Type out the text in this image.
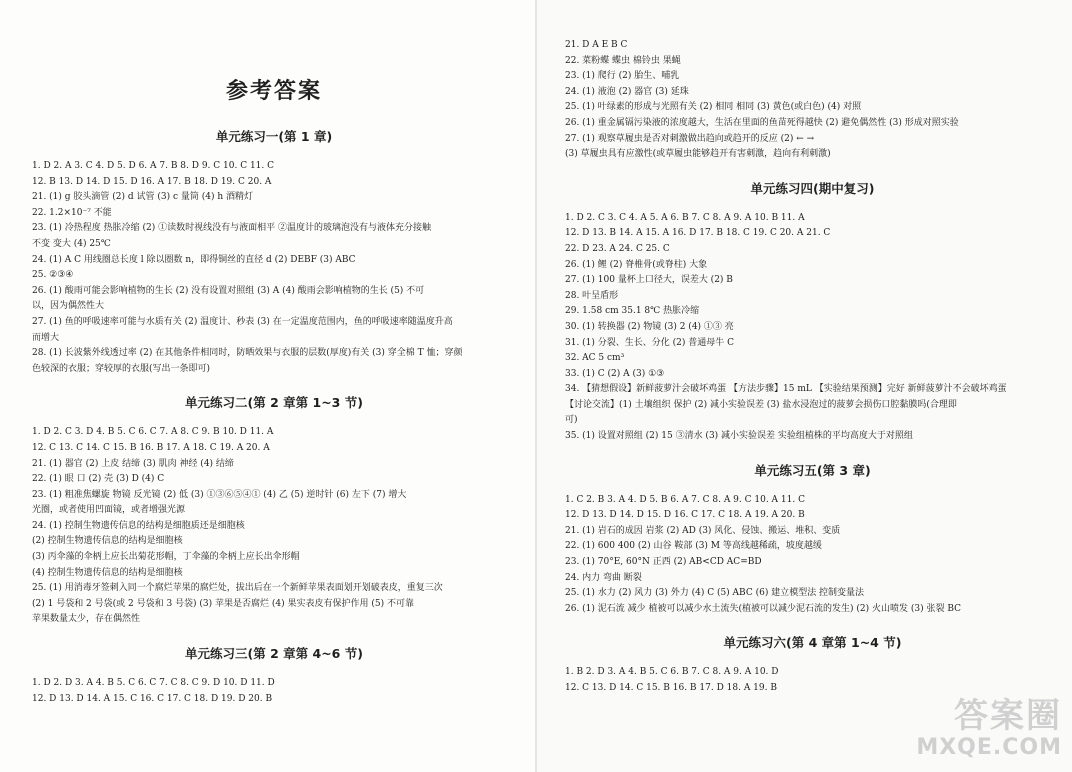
参考答案
单元练习一(第 1 章)
1. D 2. A 3. C 4. D 5. D 6. A 7. B 8. D 9. C 10. C 11. C
12. B 13. D 14. D 15. D 16. A 17. B 18. D 19. C 20. A
21. (1) g 胶头滴管 (2) d 试管 (3) c 量筒 (4) h 酒精灯
22. 1.2×10⁻⁷ 不能
23. (1) 冷热程度 热胀冷缩 (2) ①读数时视线没有与液面相平 ②温度计的玻璃泡没有与液体充分接触
不变 变大 (4) 25℃
24. (1) A C 用线圈总长度 l 除以圈数 n，即得铜丝的直径 d (2) DEBF (3) ABC
25. ②③④
26. (1) 酸雨可能会影响植物的生长 (2) 没有设置对照组 (3) A (4) 酸雨会影响植物的生长 (5) 不可
以，因为偶然性大
27. (1) 鱼的呼吸速率可能与水质有关 (2) 温度计、秒表 (3) 在一定温度范围内，鱼的呼吸速率随温度升高
而增大
28. (1) 长波紫外线透过率 (2) 在其他条件相同时，防晒效果与衣服的层数(厚度)有关 (3) 穿全棉 T 恤；穿颜
色较深的衣服；穿较厚的衣服(写出一条即可)
单元练习二(第 2 章第 1~3 节)
1. D 2. C 3. D 4. B 5. C 6. C 7. A 8. C 9. B 10. D 11. A
12. C 13. C 14. C 15. B 16. B 17. A 18. C 19. A 20. A
21. (1) 器官 (2) 上皮 结缔 (3) 肌肉 神经 (4) 结缔
22. (1) 眼 口 (2) 壳 (3) D (4) C
23. (1) 粗准焦螺旋 物镜 反光镜 (2) 低 (3) ①③⑥⑤④① (4) 乙 (5) 逆时针 (6) 左下 (7) 增大
光圈，或者使用凹面镜，或者增强光源
24. (1) 控制生物遗传信息的结构是细胞质还是细胞核
(2) 控制生物遗传信息的结构是细胞核
(3) 丙伞藻的伞柄上应长出菊花形帽，丁伞藻的伞柄上应长出伞形帽
(4) 控制生物遗传信息的结构是细胞核
25. (1) 用消毒牙签刺入同一个腐烂苹果的腐烂处，拔出后在一个新鲜苹果表面划开划破表皮，重复三次
(2) 1 号袋和 2 号袋(或 2 号袋和 3 号袋) (3) 苹果是否腐烂 (4) 果实表皮有保护作用 (5) 不可靠
苹果数量太少，存在偶然性
单元练习三(第 2 章第 4~6 节)
1. D 2. D 3. A 4. B 5. C 6. C 7. C 8. C 9. D 10. D 11. D
12. D 13. D 14. A 15. C 16. C 17. C 18. D 19. D 20. B
21. D A E B C
22. 菜粉蝶 蝶虫 棉铃虫 果蝇
23. (1) 爬行 (2) 胎生、哺乳
24. (1) 液泡 (2) 器官 (3) 延珠
25. (1) 叶绿素的形成与光照有关 (2) 相同 相同 (3) 黄色(或白色) (4) 对照
26. (1) 重金属镉污染液的浓度越大，生活在里面的鱼苗死得越快 (2) 避免偶然性 (3) 形成对照实验
27. (1) 观察草履虫是否对刺激做出趋向或趋开的反应 (2) ← →
(3) 草履虫具有应激性(或草履虫能够趋开有害刺激，趋向有利刺激)
单元练习四(期中复习)
1. D 2. C 3. C 4. A 5. A 6. B 7. C 8. A 9. A 10. B 11. A
12. D 13. B 14. A 15. A 16. D 17. B 18. C 19. C 20. A 21. C
22. D 23. A 24. C 25. C
26. (1) 鲤 (2) 脊椎骨(或脊柱) 大象
27. (1) 100 量杯上口径大，误差大 (2) B
28. 叶呈盾形
29. 1.58 cm 35.1 8℃ 热胀冷缩
30. (1) 转换器 (2) 物镜 (3) 2 (4) ①③ 亮
31. (1) 分裂、生长、分化 (2) 普通母牛 C
32. AC 5 cm³
33. (1) C (2) A (3) ①③
34. 【猜想假设】新鲜菠萝汁会破坏鸡蛋 【方法步骤】15 mL 【实验结果预测】完好 新鲜菠萝汁不会破坏鸡蛋
【讨论交流】(1) 土壤组织 保护 (2) 减小实验误差 (3) 盐水浸泡过的菠萝会损伤口腔黏膜吗(合理即
可)
35. (1) 设置对照组 (2) 15 ③清水 (3) 减小实验误差 实验组植株的平均高度大于对照组
单元练习五(第 3 章)
1. C 2. B 3. A 4. D 5. B 6. A 7. C 8. A 9. C 10. A 11. C
12. D 13. D 14. D 15. D 16. C 17. C 18. A 19. A 20. B
21. (1) 岩石的成因 岩浆 (2) AD (3) 风化、侵蚀、搬运、堆积、变质
22. (1) 600 400 (2) 山谷 鞍部 (3) M 等高线越稀疏，坡度越缓
23. (1) 70°E, 60°N 正西 (2) AB<CD AC=BD
24. 内力 弯曲 断裂
25. (1) 水力 (2) 风力 (3) 外力 (4) C (5) ABC (6) 建立模型法 控制变量法
26. (1) 泥石流 减少 植被可以减少水土流失(植被可以减少泥石流的发生) (2) 火山喷发 (3) 张裂 BC
单元练习六(第 4 章第 1~4 节)
1. B 2. D 3. A 4. B 5. C 6. B 7. C 8. A 9. A 10. D
12. C 13. D 14. C 15. B 16. B 17. D 18. A 19. B
答案圈
MXQE.COM
